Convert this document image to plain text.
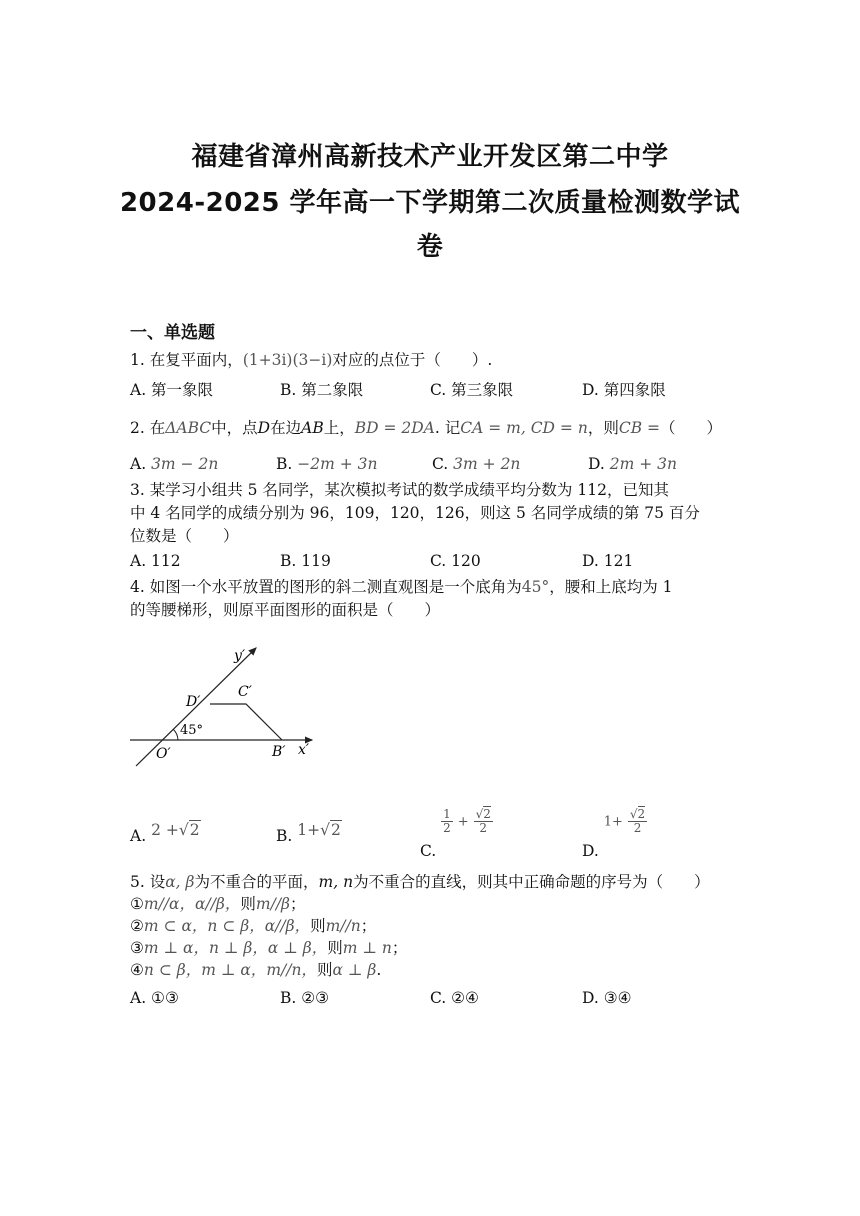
福建省漳州高新技术产业开发区第二中学
2024-2025 学年高一下学期第二次质量检测数学试
卷
一、单选题
1. 在复平面内，(1+3i)(3−i)对应的点位于（　　）.
A. 第一象限	B. 第二象限	C. 第三象限	D. 第四象限
2. 在ΔABC中，点D在边AB上，BD = 2DA. 记CA = m, CD = n，则CB =（　　）
A. 3m − 2n	B. −2m + 3n	C. 3m + 2n	D. 2m + 3n
3. 某学习小组共 5 名同学，某次模拟考试的数学成绩平均分数为 112，已知其
中 4 名同学的成绩分别为 96，109，120，126，则这 5 名同学成绩的第 75 百分
位数是（　　）
A. 112	B. 119	C. 120	D. 121
4. 如图一个水平放置的图形的斜二测直观图是一个底角为45°，腰和上底均为 1
的等腰梯形，则原平面图形的面积是（　　）
y′
x′
D′
C′
B′
O′
45°
A. 2 +√2	B. 1+√2
C.
$\frac{1}{2} + \frac{√2}{2}$
D. $1+ \frac{√2}{2}$
5. 设α, β为不重合的平面，m, n为不重合的直线，则其中正确命题的序号为（　　）
①m//α，α//β，则m//β；
②m ⊂ α，n ⊂ β，α//β，则m//n；
③m ⊥ α，n ⊥ β，α ⊥ β，则m ⊥ n；
④n ⊂ β，m ⊥ α，m//n，则α ⊥ β.
A. ①③	B. ②③	C. ②④	D. ③④
